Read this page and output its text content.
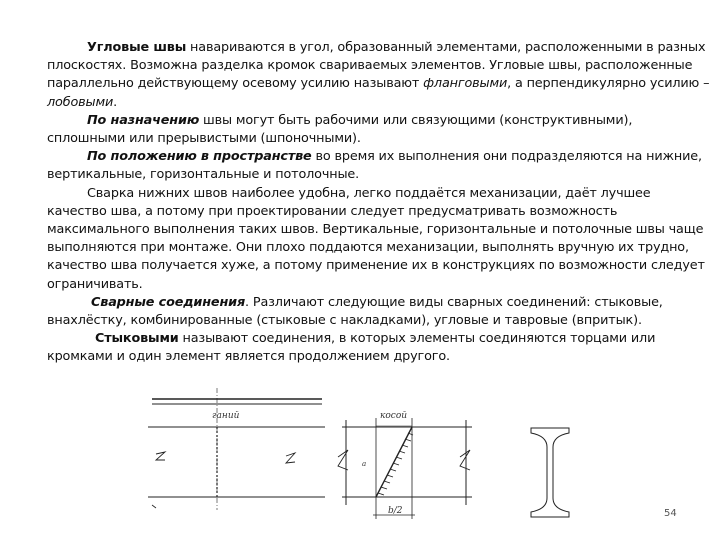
Угловые швы навариваются в угол, образованный элементами, расположенными в разных плоскостях. Возможна разделка кромок свариваемых элементов. Угловые швы, расположенные параллельно действующему осевому усилию называют фланговыми, а перпендикулярно усилию – лобовыми.

По назначению швы могут быть рабочими или связующими (конструктивными), сплошными или прерывистыми (шпоночными).

По положению в пространстве во время их выполнения они подразделяются на нижние, вертикальные, горизонтальные и потолочные.

Сварка нижних швов наиболее удобна, легко поддаётся механизации, даёт лучшее качество шва, а потому при проектировании следует предусматривать возможность максимального выполнения таких швов. Вертикальные, горизонтальные и потолочные швы чаще выполняются при монтаже. Они плохо поддаются механизации, выполнять вручную их трудно, качество шва получается хуже, а потому применение их в конструкциях по возможности следует ограничивать.

Сварные соединения. Различают следующие виды сварных соединений: стыковые, внахлёстку, комбинированные (стыковые с накладками), угловые и тавровые (впритык).

Стыковыми называют соединения, в которых элементы соединяются торцами или кромками и один элемент является продолжением другого.

ганий	косой
а
b/2	54
